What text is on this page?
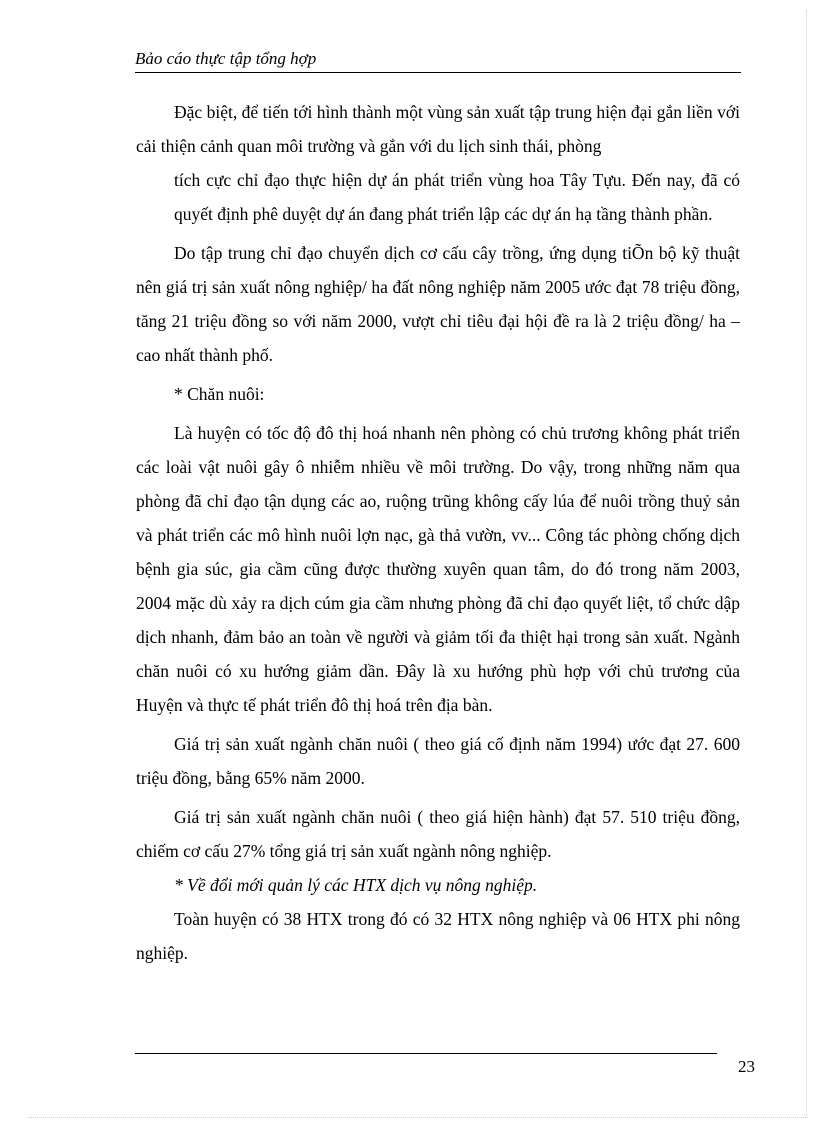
Bảo cáo thực tập tổng hợp

Đặc biệt, để tiến tới hình thành một vùng sản xuất tập trung hiện đại gắn liền với cải thiện cảnh quan môi trường và gắn với du lịch sinh thái, phòng

tích cực chỉ đạo thực hiện dự án phát triển vùng hoa Tây Tựu. Đến nay, đã có quyết định phê duyệt dự án đang phát triển lập các dự án hạ tầng thành phần.

Do tập trung chỉ đạo chuyển dịch cơ cấu cây trồng, ứng dụng tiÕn bộ kỹ thuật nên giá trị sản xuất nông nghiệp/ ha đất nông nghiệp năm 2005 ước đạt 78 triệu đồng, tăng 21 triệu đồng so với năm 2000, vượt chỉ tiêu đại hội đề ra là 2 triệu đồng/ ha – cao nhất thành phố.

* Chăn nuôi:

Là huyện có tốc độ đô thị hoá nhanh nên phòng có chủ trương không phát triển các loài vật nuôi gây ô nhiễm nhiều về môi trường. Do vậy, trong những năm qua phòng đã chỉ đạo tận dụng các ao, ruộng trũng không cấy lúa để nuôi trồng thuỷ sản và phát triển các mô hình nuôi lợn nạc, gà thả vườn, vv... Công tác phòng chống dịch bệnh gia súc, gia cầm cũng được thường xuyên quan tâm, do đó trong năm 2003, 2004 mặc dù xảy ra dịch cúm gia cầm nhưng phòng đã chỉ đạo quyết liệt, tổ chức dập dịch nhanh, đảm bảo an toàn về người và giảm tối đa thiệt hại trong sản xuất. Ngành chăn nuôi có xu hướng giảm dần. Đây là xu hướng phù hợp với chủ trương của Huyện và thực tế phát triển đô thị hoá trên địa bàn.

Giá trị sản xuất ngành chăn nuôi ( theo giá cố định năm 1994) ước đạt 27. 600 triệu đồng, bằng 65% năm 2000.

Giá trị sản xuất ngành chăn nuôi ( theo giá hiện hành) đạt 57. 510 triệu đồng, chiếm cơ cấu 27% tổng giá trị sản xuất ngành nông nghiệp.

* Về đổi mới quản lý các HTX dịch vụ nông nghiệp.

Toàn huyện có 38 HTX trong đó có 32 HTX nông nghiệp và 06 HTX phi nông nghiệp.

23
